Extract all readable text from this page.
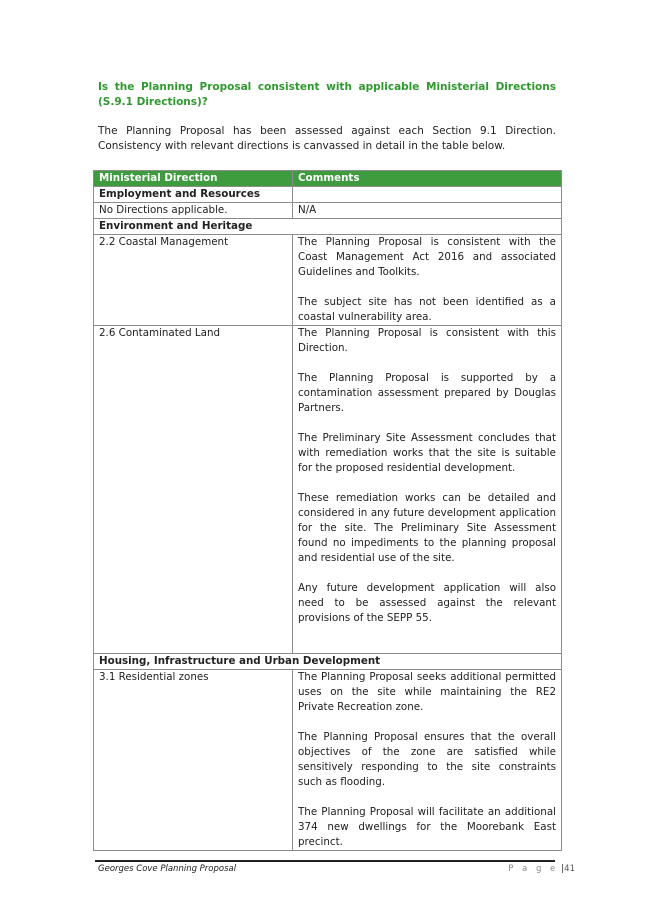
Is the Planning Proposal consistent with applicable Ministerial Directions (S.9.1 Directions)?

The Planning Proposal has been assessed against each Section 9.1 Direction. Consistency with relevant directions is canvassed in detail in the table below.

Ministerial Direction	Comments
Employment and Resources	
No Directions applicable.	N/A

Environment and Heritage	
2.2 Coastal Management	The Planning Proposal is consistent with the Coast Management Act 2016 and associated Guidelines and Toolkits.

The subject site has not been identified as a coastal vulnerability area.

2.6 Contaminated Land	The Planning Proposal is consistent with this Direction.

The Planning Proposal is supported by a contamination assessment prepared by Douglas Partners.

The Preliminary Site Assessment concludes that with remediation works that the site is suitable for the proposed residential development.

These remediation works can be detailed and considered in any future development application for the site. The Preliminary Site Assessment found no impediments to the planning proposal and residential use of the site.

Any future development application will also need to be assessed against the relevant provisions of the SEPP 55.

Housing, Infrastructure and Urban Development	
3.1 Residential zones	The Planning Proposal seeks additional permitted uses on the site while maintaining the RE2 Private Recreation zone.

The Planning Proposal ensures that the overall objectives of the zone are satisfied while sensitively responding to the site constraints such as flooding.

The Planning Proposal will facilitate an additional 374 new dwellings for the Moorebank East precinct.

Georges Cove Planning Proposal	P a g e |41
